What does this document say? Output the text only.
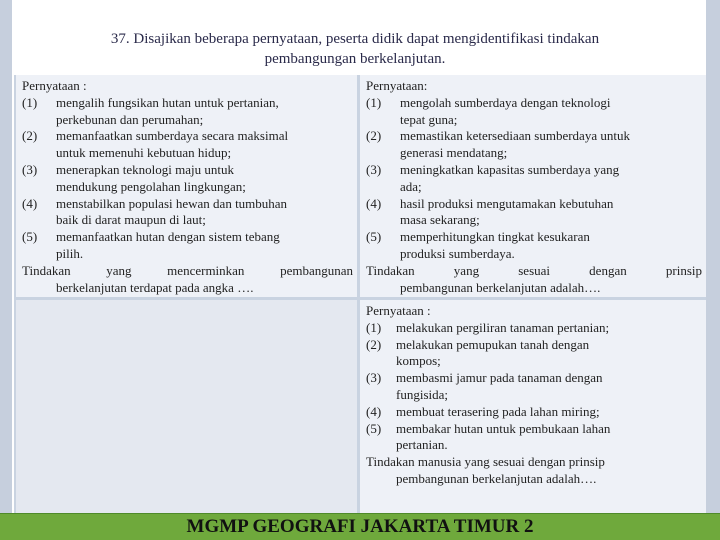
37. Disajikan beberapa pernyataan, peserta didik dapat mengidentifikasi tindakan
pembangungan berkelanjutan.
Pernyataan :
(1)	mengalih fungsikan hutan untuk pertanian,
perkebunan dan perumahan;
(2)	memanfaatkan sumberdaya secara maksimal
untuk memenuhi kebutuan hidup;
(3)	menerapkan teknologi maju untuk
mendukung pengolahan lingkungan;
(4)	menstabilkan populasi hewan dan tumbuhan
baik di darat maupun di laut;
(5)	memanfaatkan hutan dengan sistem tebang
pilih.
Tindakan yang mencerminkan pembangunan
berkelanjutan terdapat pada angka ….
Pernyataan:
(1)	mengolah sumberdaya dengan teknologi
tepat guna;
(2)	memastikan ketersediaan sumberdaya untuk
generasi mendatang;
(3)	meningkatkan kapasitas sumberdaya yang
ada;
(4)	hasil produksi mengutamakan kebutuhan
masa sekarang;
(5)	memperhitungkan tingkat kesukaran
produksi sumberdaya.
Tindakan yang sesuai dengan prinsip
pembangunan berkelanjutan adalah….
Pernyataan :
(1)	melakukan pergiliran tanaman pertanian;
(2)	melakukan pemupukan tanah dengan
kompos;
(3)	membasmi jamur pada tanaman dengan
fungisida;
(4)	membuat terasering pada lahan miring;
(5)	membakar hutan untuk pembukaan lahan
pertanian.
Tindakan manusia yang sesuai dengan prinsip
pembangunan berkelanjutan adalah….
MGMP GEOGRAFI JAKARTA TIMUR 2
